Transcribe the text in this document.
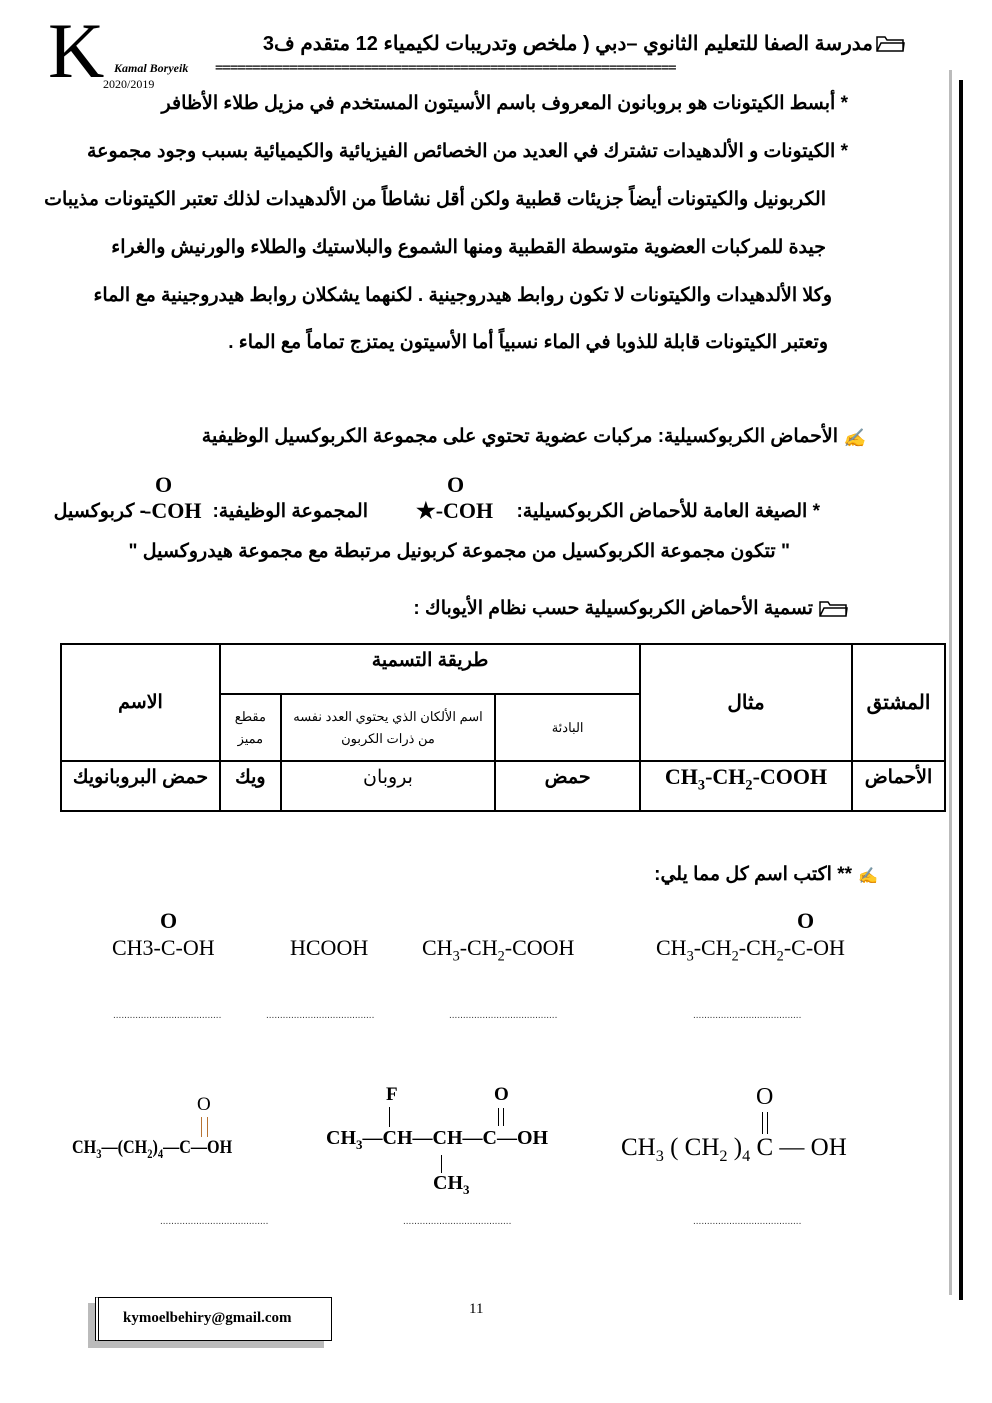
K Kamal Boryeik
2020/2019
مدرسة الصفا للتعليم الثانوي –دبي ( ملخص وتدريبات لكيمياء 12 متقدم ف3
==============================================================
* أبسط الكيتونات هو بروبانون المعروف باسم الأسيتون المستخدم في مزيل طلاء الأظافر
* الكيتونات و الألدهيدات تشترك في العديد من الخصائص الفيزيائية والكيميائية بسبب وجود مجموعة
الكربونيل والكيتونات أيضاً جزيئات قطبية ولكن أقل نشاطاً من الألدهيدات لذلك تعتبر الكيتونات مذيبات
جيدة للمركبات العضوية متوسطة القطبية ومنها الشموع والبلاستيك والطلاء والورنيش والغراء
وكلا الألدهيدات والكيتونات لا تكون روابط هيدروجينية . لكنهما يشكلان روابط هيدروجينية مع الماء
وتعتبر الكيتونات قابلة للذوبا في الماء نسبياً أما الأسيتون يمتزج تماماً مع الماء .
✍
الأحماض الكربوكسيلية: مركبات عضوية تحتوي على مجموعة الكربوكسيل الوظيفية
O	O
* الصيغة العامة للأحماض الكربوكسيلية:
★-COH
المجموعة الوظيفية:
-COH
- كربوكسيل
" تتكون مجموعة الكربوكسيل من مجموعة كربونيل مرتبطة مع مجموعة هيدروكسيل "
تسمية الأحماض الكربوكسيلية حسب نظام الأيوباك :
المشتق	مثال	طريقة التسمية			الاسم
		البادئة	اسم الألكان الذي يحتوي العدد نفسه من ذرات الكربون	مقطع مميز	
الأحماض	$CH_3-CH_2$-COOH	حمض	بروبان	ويك	حمض البروبانويك
✍
** اكتب اسم كل مما يلي:
O	O
CH3-C-OH	HCOOH $CH_3-CH_2$-COOH	$CH_3-CH_2-CH_2-C-OH$
.......................................	.......................................	.......................................	.......................................
O
$CH_3—(CH_2)_4—C—OH$
F	O
$CH_3—CH—CH—C—OH$
$CH_3$
O
$CH_3$ ( $CH_2$ )$_4$ C — OH
.......................................	.......................................	.......................................
11
kymoelbehiry@gmail.com
